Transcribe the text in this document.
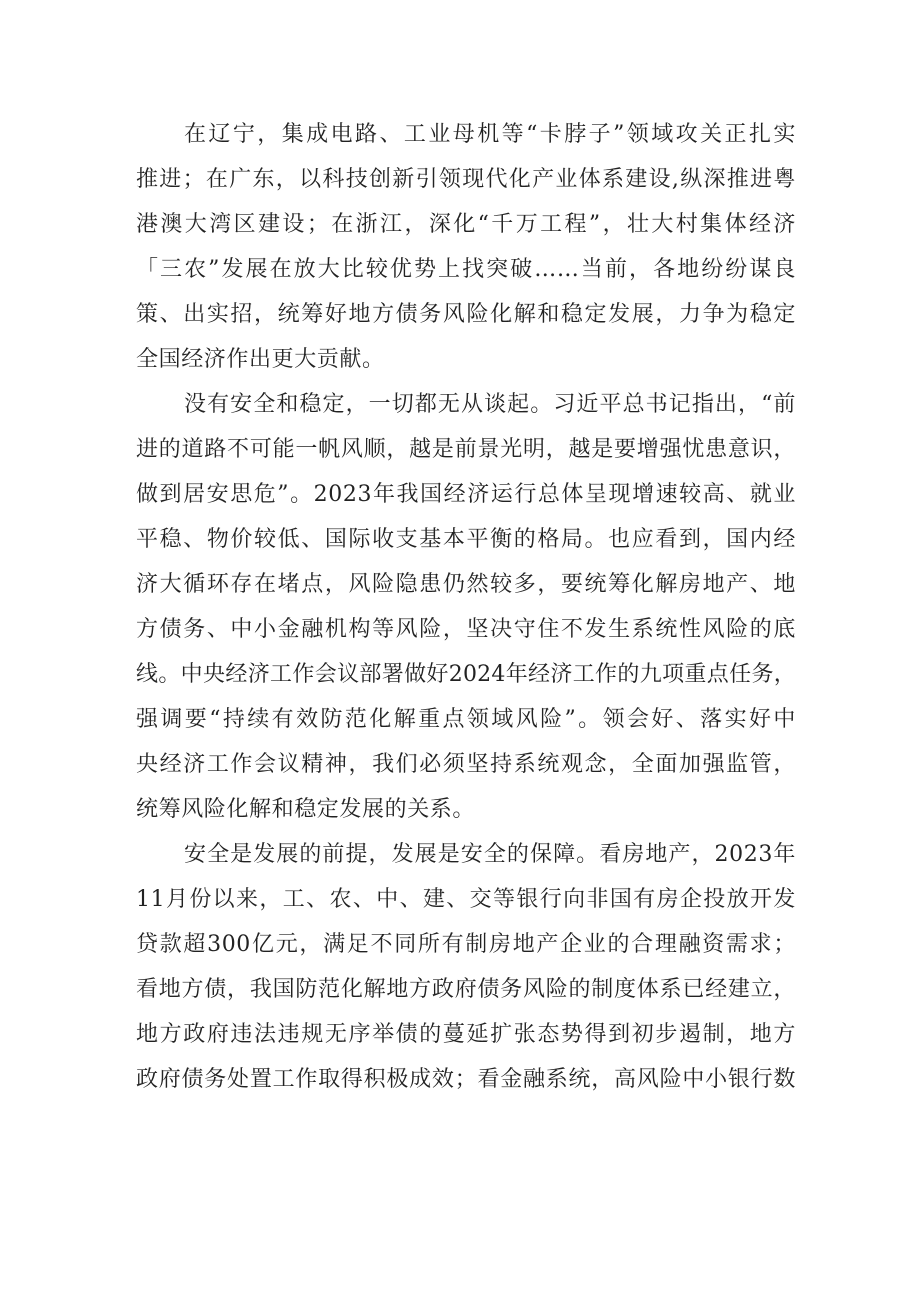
在辽宁，集成电路、工业母机等“卡脖子”领域攻关正扎实
推进；在广东，以科技创新引领现代化产业体系建设,纵深推进粤
港澳大湾区建设；在浙江，深化“千万工程”，壮大村集体经济
「三农”发展在放大比较优势上找突破……当前，各地纷纷谋良
策、出实招，统筹好地方债务风险化解和稳定发展，力争为稳定
全国经济作出更大贡献。
没有安全和稳定，一切都无从谈起。习近平总书记指出，“前
进的道路不可能一帆风顺，越是前景光明，越是要增强忧患意识，
做到居安思危”。2023年我国经济运行总体呈现增速较高、就业
平稳、物价较低、国际收支基本平衡的格局。也应看到，国内经
济大循环存在堵点，风险隐患仍然较多，要统筹化解房地产、地
方债务、中小金融机构等风险，坚决守住不发生系统性风险的底
线。中央经济工作会议部署做好2024年经济工作的九项重点任务，
强调要“持续有效防范化解重点领域风险”。领会好、落实好中
央经济工作会议精神，我们必须坚持系统观念，全面加强监管，
统筹风险化解和稳定发展的关系。
安全是发展的前提，发展是安全的保障。看房地产，2023年
11月份以来，工、农、中、建、交等银行向非国有房企投放开发
贷款超300亿元，满足不同所有制房地产企业的合理融资需求；
看地方债，我国防范化解地方政府债务风险的制度体系已经建立，
地方政府违法违规无序举债的蔓延扩张态势得到初步遏制，地方
政府债务处置工作取得积极成效；看金融系统，高风险中小银行数
